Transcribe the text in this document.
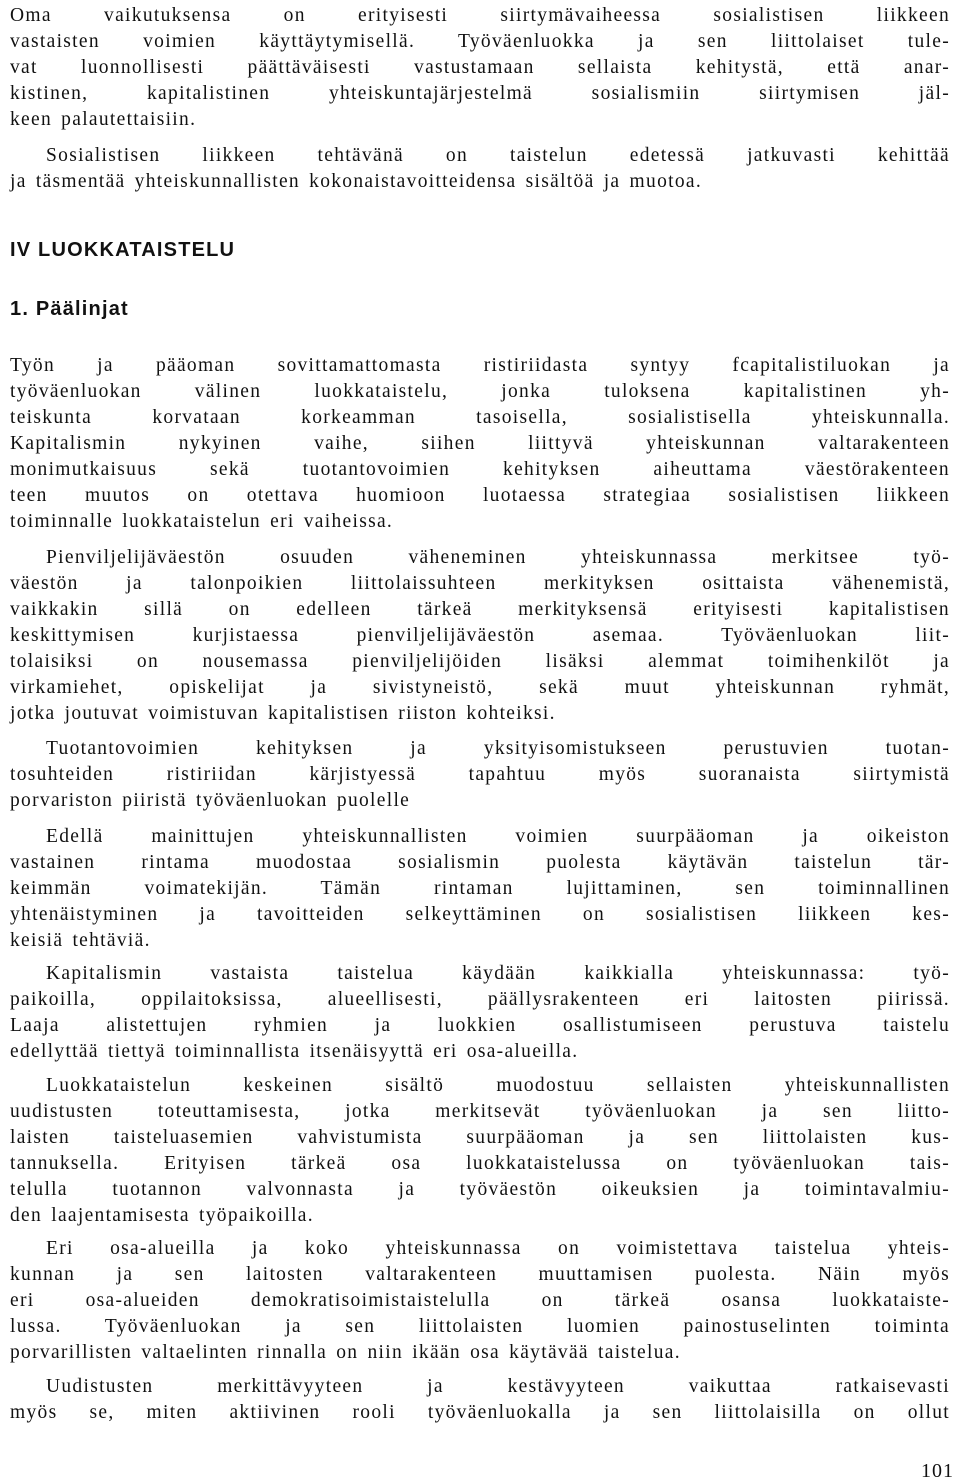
IV LUOKKATAISTELU
1. Päälinjat
Oma vaikutuksensa on erityisesti siirtymävaiheessa sosialistisen liikkeen
vastaisten voimien käyttäytymisellä. Työväenluokka ja sen liittolaiset tule-
vat luonnollisesti päättäväisesti vastustamaan sellaista kehitystä, että anar-
kistinen, kapitalistinen yhteiskuntajärjestelmä sosialismiin siirtymisen jäl-
keen palautettaisiin.
Sosialistisen liikkeen tehtävänä on taistelun edetessä jatkuvasti kehittää
ja täsmentää yhteiskunnallisten kokonaistavoitteidensa sisältöä ja muotoa.
Työn ja pääoman sovittamattomasta ristiriidasta syntyy fcapitalistiluokan ja
työväenluokan välinen luokkataistelu, jonka tuloksena kapitalistinen yh-
teiskunta korvataan korkeamman tasoisella, sosialistisella yhteiskunnalla.
Kapitalismin nykyinen vaihe, siihen liittyvä yhteiskunnan valtarakenteen
monimutkaisuus sekä tuotantovoimien kehityksen aiheuttama väestörakenteen
teen muutos on otettava huomioon luotaessa strategiaa sosialistisen liikkeen
toiminnalle luokkataistelun eri vaiheissa.
Pienviljelijäväestön osuuden väheneminen yhteiskunnassa merkitsee työ-
väestön ja talonpoikien liittolaissuhteen merkityksen osittaista vähenemistä,
vaikkakin sillä on edelleen tärkeä merkityksensä erityisesti kapitalistisen
keskittymisen kurjistaessa pienviljelijäväestön asemaa. Työväenluokan liit-
tolaisiksi on nousemassa pienviljelijöiden lisäksi alemmat toimihenkilöt ja
virkamiehet, opiskelijat ja sivistyneistö, sekä muut yhteiskunnan ryhmät,
jotka joutuvat voimistuvan kapitalistisen riiston kohteiksi.
Tuotantovoimien kehityksen ja yksityisomistukseen perustuvien tuotan-
tosuhteiden ristiriidan kärjistyessä tapahtuu myös suoranaista siirtymistä
porvariston piiristä työväenluokan puolelle
Edellä mainittujen yhteiskunnallisten voimien suurpääoman ja oikeiston
vastainen rintama muodostaa sosialismin puolesta käytävän taistelun tär-
keimmän voimatekijän. Tämän rintaman lujittaminen, sen toiminnallinen
yhtenäistyminen ja tavoitteiden selkeyttäminen on sosialistisen liikkeen kes-
keisiä tehtäviä.
Kapitalismin vastaista taistelua käydään kaikkialla yhteiskunnassa: työ-
paikoilla, oppilaitoksissa, alueellisesti, päällysrakenteen eri laitosten piirissä.
Laaja alistettujen ryhmien ja luokkien osallistumiseen perustuva taistelu
edellyttää tiettyä toiminnallista itsenäisyyttä eri osa-alueilla.
Luokkataistelun keskeinen sisältö muodostuu sellaisten yhteiskunnallisten
uudistusten toteuttamisesta, jotka merkitsevät työväenluokan ja sen liitto-
laisten taisteluasemien vahvistumista suurpääoman ja sen liittolaisten kus-
tannuksella. Erityisen tärkeä osa luokkataistelussa on työväenluokan tais-
telulla tuotannon valvonnasta ja työväestön oikeuksien ja toimintavalmiu-
den laajentamisesta työpaikoilla.
Eri osa-alueilla ja koko yhteiskunnassa on voimistettava taistelua yhteis-
kunnan ja sen laitosten valtarakenteen muuttamisen puolesta. Näin myös
eri osa-alueiden demokratisoimistaistelulla on tärkeä osansa luokkataiste-
lussa. Työväenluokan ja sen liittolaisten luomien painostuselinten toiminta
porvarillisten valtaelinten rinnalla on niin ikään osa käytävää taistelua.
Uudistusten merkittävyyteen ja kestävyyteen vaikuttaa ratkaisevasti
myös se, miten aktiivinen rooli työväenluokalla ja sen liittolaisilla on ollut
101
